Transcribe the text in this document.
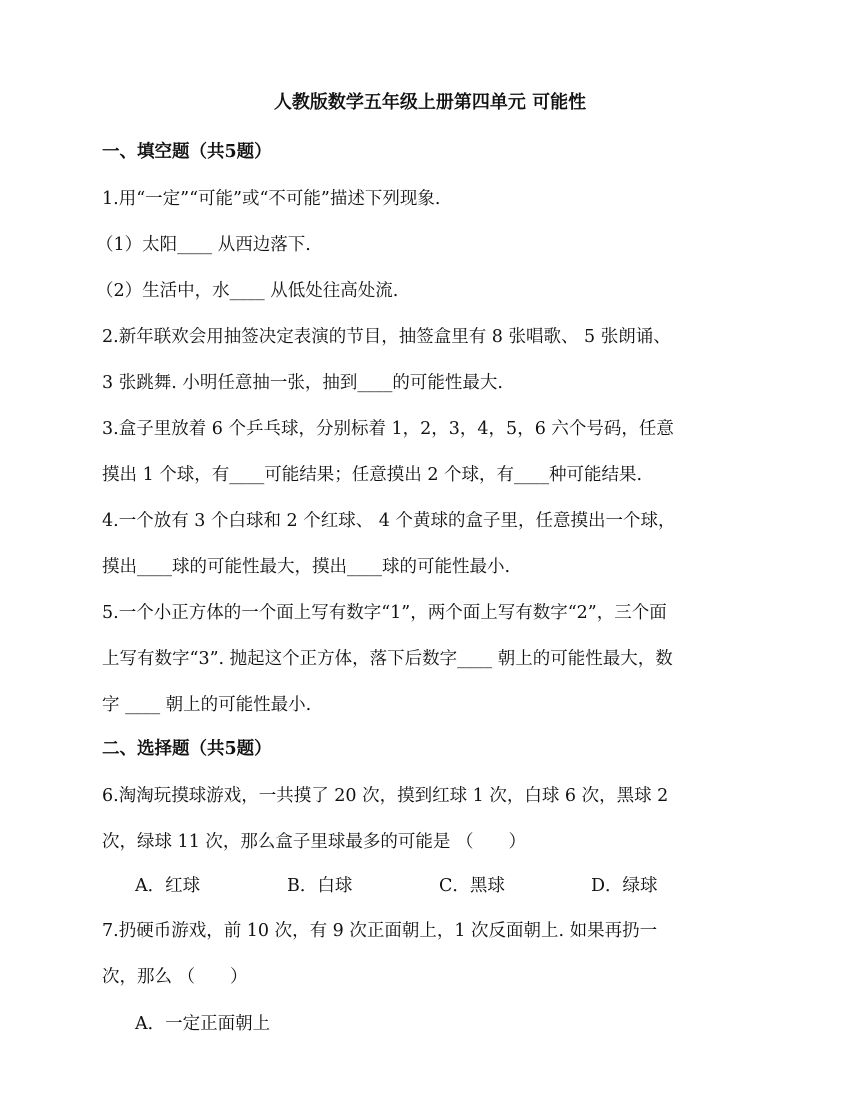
人教版数学五年级上册第四单元 可能性
一、填空题（共5题）
1.用“一定”“可能”或“不可能”描述下列现象.
（1）太阳____ 从西边落下.
（2）生活中，水____ 从低处往高处流.
2.新年联欢会用抽签决定表演的节目，抽签盒里有 8 张唱歌、 5 张朗诵、
3 张跳舞. 小明任意抽一张，抽到____的可能性最大.
3.盒子里放着 6 个乒乓球，分别标着 1，2，3，4，5，6 六个号码，任意
摸出 1 个球，有____可能结果；任意摸出 2 个球，有____种可能结果.
4.一个放有 3 个白球和 2 个红球、 4 个黄球的盒子里，任意摸出一个球，
摸出____球的可能性最大，摸出____球的可能性最小.
5.一个小正方体的一个面上写有数字“1”，两个面上写有数字“2”，三个面
上写有数字“3”. 抛起这个正方体，落下后数字____ 朝上的可能性最大，数
字 ____ 朝上的可能性最小.
二、选择题（共5题）
6.淘淘玩摸球游戏，一共摸了 20 次，摸到红球 1 次，白球 6 次，黑球 2
次，绿球 11 次，那么盒子里球最多的可能是 （　　）
A．红球	B．白球	C．黑球	D．绿球
7.扔硬币游戏，前 10 次，有 9 次正面朝上，1 次反面朝上. 如果再扔一
次，那么 （　　）
A．一定正面朝上
